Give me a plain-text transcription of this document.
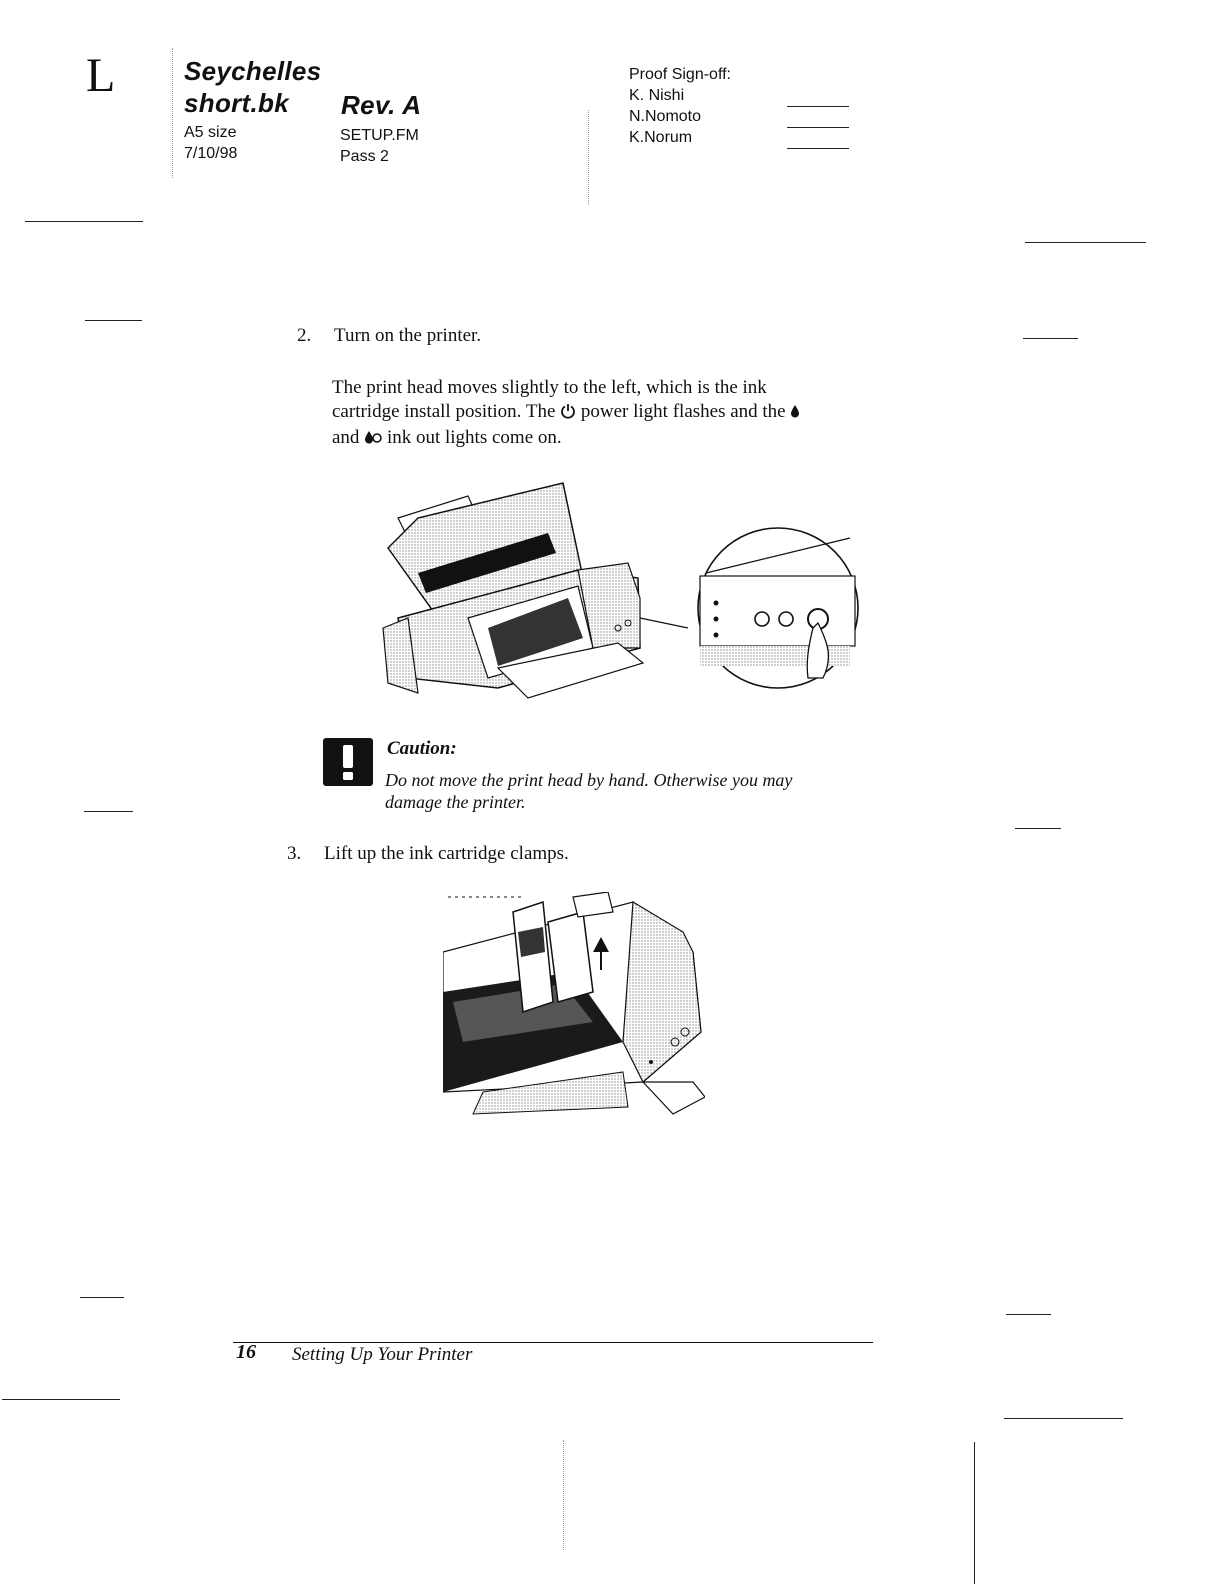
L	Seychelles
short.bk Rev. A
A5 size
7/10/98
SETUP.FM
Pass 2
Proof Sign-off:
K. Nishi
N.Nomoto
K.Norum
2. Turn on the printer.
The print head moves slightly to the left, which is the ink
cartridge install position. The power light flashes and the
and ink out lights come on.
Caution:
Do not move the print head by hand. Otherwise you may
damage the printer.
3. Lift up the ink cartridge clamps.
16 Setting Up Your Printer
